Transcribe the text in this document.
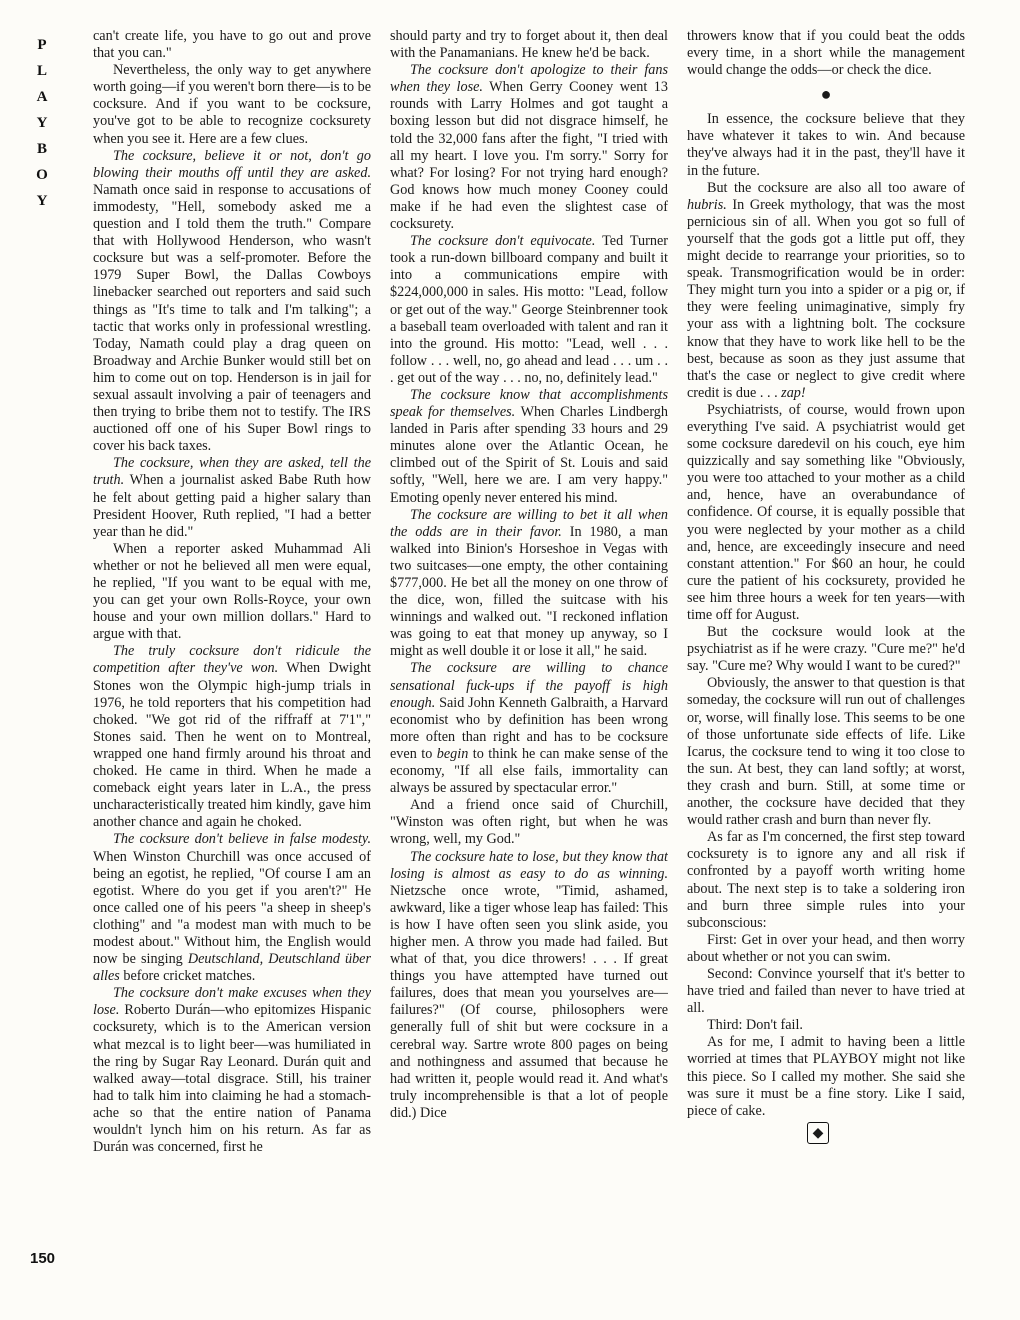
P
L
A
Y
B
O
Y
150

can't create life, you have to go out and prove that you can."

Nevertheless, the only way to get anywhere worth going—if you weren't born there—is to be cocksure. And if you want to be cocksure, you've got to be able to recognize cocksurety when you see it. Here are a few clues.

The cocksure, believe it or not, don't go blowing their mouths off until they are asked. Namath once said in response to accusations of immodesty, "Hell, somebody asked me a question and I told them the truth." Compare that with Hollywood Henderson, who wasn't cocksure but was a self-promoter. Before the 1979 Super Bowl, the Dallas Cowboys linebacker searched out reporters and said such things as "It's time to talk and I'm talking"; a tactic that works only in professional wrestling. Today, Namath could play a drag queen on Broadway and Archie Bunker would still bet on him to come out on top. Henderson is in jail for sexual assault involving a pair of teenagers and then trying to bribe them not to testify. The IRS auctioned off one of his Super Bowl rings to cover his back taxes.

The cocksure, when they are asked, tell the truth. When a journalist asked Babe Ruth how he felt about getting paid a higher salary than President Hoover, Ruth replied, "I had a better year than he did."

When a reporter asked Muhammad Ali whether or not he believed all men were equal, he replied, "If you want to be equal with me, you can get your own Rolls-Royce, your own house and your own million dollars." Hard to argue with that.

The truly cocksure don't ridicule the competition after they've won. When Dwight Stones won the Olympic high-jump trials in 1976, he told reporters that his competition had choked. "We got rid of the riffraff at 7'1"," Stones said. Then he went on to Montreal, wrapped one hand firmly around his throat and choked. He came in third. When he made a comeback eight years later in L.A., the press uncharacteristically treated him kindly, gave him another chance and again he choked.

The cocksure don't believe in false modesty. When Winston Churchill was once accused of being an egotist, he replied, "Of course I am an egotist. Where do you get if you aren't?" He once called one of his peers "a sheep in sheep's clothing" and "a modest man with much to be modest about." Without him, the English would now be singing Deutschland, Deutschland über alles before cricket matches.

The cocksure don't make excuses when they lose. Roberto Durán—who epitomizes Hispanic cocksurety, which is to the American version what mezcal is to light beer—was humiliated in the ring by Sugar Ray Leonard. Durán quit and walked away—total disgrace. Still, his trainer had to talk him into claiming he had a stomach-ache so that the entire nation of Panama wouldn't lynch him on his return. As far as Durán was concerned, first he

should party and try to forget about it, then deal with the Panamanians. He knew he'd be back.

The cocksure don't apologize to their fans when they lose. When Gerry Cooney went 13 rounds with Larry Holmes and got taught a boxing lesson but did not disgrace himself, he told the 32,000 fans after the fight, "I tried with all my heart. I love you. I'm sorry." Sorry for what? For losing? For not trying hard enough? God knows how much money Cooney could make if he had even the slightest case of cocksurety.

The cocksure don't equivocate. Ted Turner took a run-down billboard company and built it into a communications empire with $224,000,000 in sales. His motto: "Lead, follow or get out of the way." George Steinbrenner took a baseball team overloaded with talent and ran it into the ground. His motto: "Lead, well . . . follow . . . well, no, go ahead and lead . . . um . . . get out of the way . . . no, no, definitely lead."

The cocksure know that accomplishments speak for themselves. When Charles Lindbergh landed in Paris after spending 33 hours and 29 minutes alone over the Atlantic Ocean, he climbed out of the Spirit of St. Louis and said softly, "Well, here we are. I am very happy." Emoting openly never entered his mind.

The cocksure are willing to bet it all when the odds are in their favor. In 1980, a man walked into Binion's Horseshoe in Vegas with two suitcases—one empty, the other containing $777,000. He bet all the money on one throw of the dice, won, filled the suitcase with his winnings and walked out. "I reckoned inflation was going to eat that money up anyway, so I might as well double it or lose it all," he said.

The cocksure are willing to chance sensational fuck-ups if the payoff is high enough. Said John Kenneth Galbraith, a Harvard economist who by definition has been wrong more often than right and has to be cocksure even to begin to think he can make sense of the economy, "If all else fails, immortality can always be assured by spectacular error."

And a friend once said of Churchill, "Winston was often right, but when he was wrong, well, my God."

The cocksure hate to lose, but they know that losing is almost as easy to do as winning. Nietzsche once wrote, "Timid, ashamed, awkward, like a tiger whose leap has failed: This is how I have often seen you slink aside, you higher men. A throw you made had failed. But what of that, you dice throwers! . . . If great things you have attempted have turned out failures, does that mean you yourselves are—failures?" (Of course, philosophers were generally full of shit but were cocksure in a cerebral way. Sartre wrote 800 pages on being and nothingness and assumed that because he had written it, people would read it. And what's truly incomprehensible is that a lot of people did.) Dice

throwers know that if you could beat the odds every time, in a short while the management would change the odds—or check the dice.

●

In essence, the cocksure believe that they have whatever it takes to win. And because they've always had it in the past, they'll have it in the future.

But the cocksure are also all too aware of hubris. In Greek mythology, that was the most pernicious sin of all. When you got so full of yourself that the gods got a little put off, they might decide to rearrange your priorities, so to speak. Transmogrification would be in order: They might turn you into a spider or a pig or, if they were feeling unimaginative, simply fry your ass with a lightning bolt. The cocksure know that they have to work like hell to be the best, because as soon as they just assume that that's the case or neglect to give credit where credit is due . . . zap!

Psychiatrists, of course, would frown upon everything I've said. A psychiatrist would get some cocksure daredevil on his couch, eye him quizzically and say something like "Obviously, you were too attached to your mother as a child and, hence, have an overabundance of confidence. Of course, it is equally possible that you were neglected by your mother as a child and, hence, are exceedingly insecure and need constant attention." For $60 an hour, he could cure the patient of his cocksurety, provided he see him three hours a week for ten years—with time off for August.

But the cocksure would look at the psychiatrist as if he were crazy. "Cure me?" he'd say. "Cure me? Why would I want to be cured?"

Obviously, the answer to that question is that someday, the cocksure will run out of challenges or, worse, will finally lose. This seems to be one of those unfortunate side effects of life. Like Icarus, the cocksure tend to wing it too close to the sun. At best, they can land softly; at worst, they crash and burn. Still, at some time or another, the cocksure have decided that they would rather crash and burn than never fly.

As far as I'm concerned, the first step toward cocksurety is to ignore any and all risk if confronted by a payoff worth writing home about. The next step is to take a soldering iron and burn three simple rules into your subconscious:

First: Get in over your head, and then worry about whether or not you can swim.

Second: Convince yourself that it's better to have tried and failed than never to have tried at all.

Third: Don't fail.

As for me, I admit to having been a little worried at times that PLAYBOY might not like this piece. So I called my mother. She said she was sure it must be a fine story. Like I said, piece of cake.

◆
